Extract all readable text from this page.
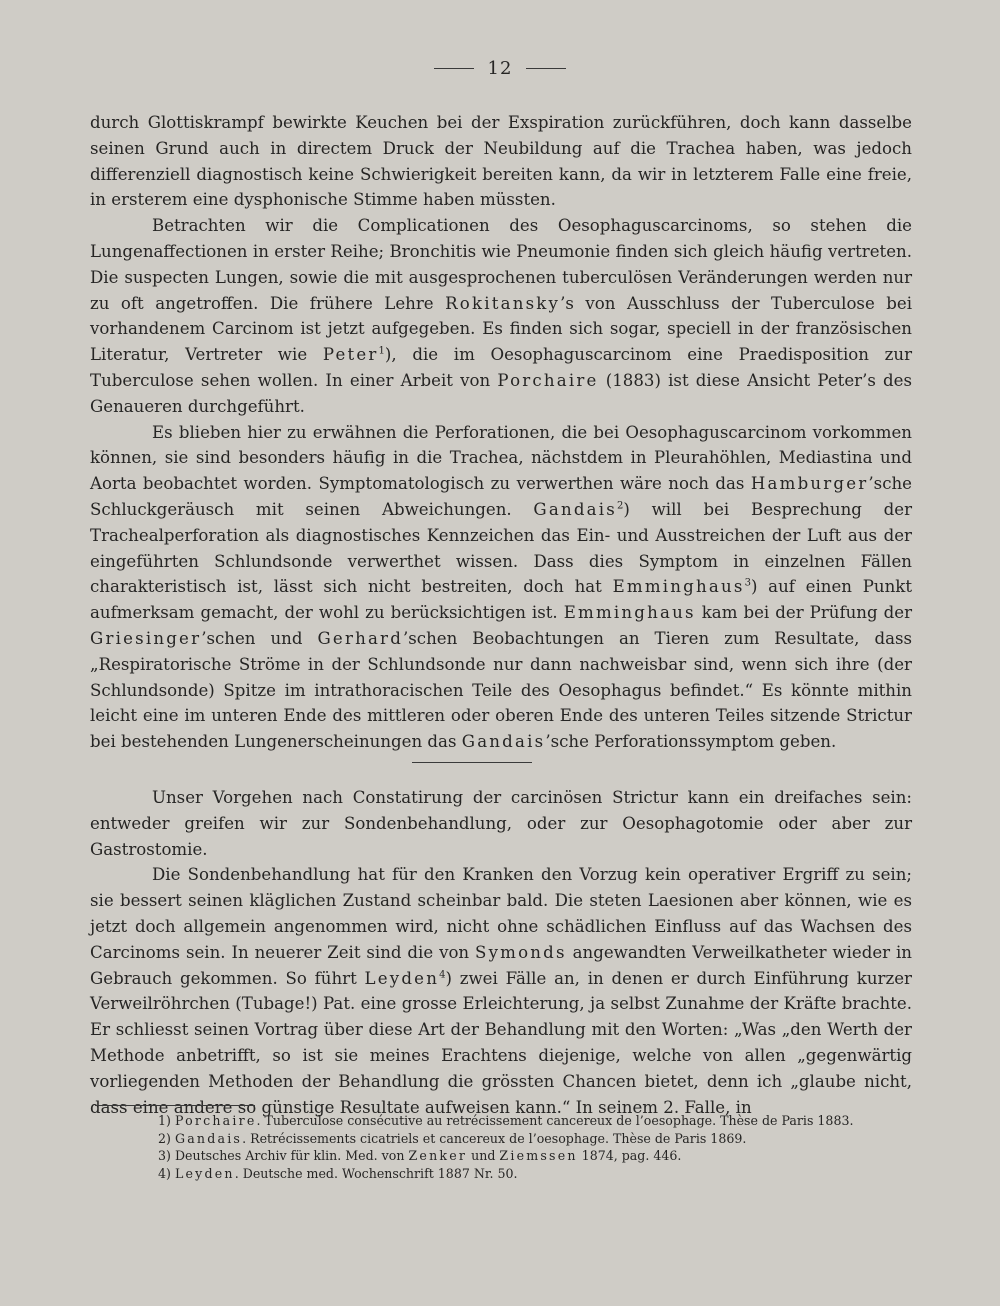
12

durch Glottiskrampf bewirkte Keuchen bei der Exspiration zurückführen, doch kann dasselbe seinen Grund auch in directem Druck der Neubildung auf die Trachea haben, was jedoch differenziell diagnostisch keine Schwierigkeit bereiten kann, da wir in letzterem Falle eine freie, in ersterem eine dysphonische Stimme haben müssten.

Betrachten wir die Complicationen des Oesophaguscarcinoms, so stehen die Lungenaffectionen in erster Reihe; Bronchitis wie Pneumonie finden sich gleich häufig vertreten. Die suspecten Lungen, sowie die mit ausgesprochenen tuberculösen Veränderungen werden nur zu oft angetroffen. Die frühere Lehre Rokitansky’s von Ausschluss der Tuberculose bei vorhandenem Carcinom ist jetzt aufgegeben. Es finden sich sogar, speciell in der französischen Literatur, Vertreter wie Peter$^1$), die im Oesophaguscarcinom eine Praedisposition zur Tuberculose sehen wollen. In einer Arbeit von Porchaire (1883) ist diese Ansicht Peter’s des Genaueren durchgeführt.

Es blieben hier zu erwähnen die Perforationen, die bei Oesophaguscarcinom vorkommen können, sie sind besonders häufig in die Trachea, nächstdem in Pleurahöhlen, Mediastina und Aorta beobachtet worden. Symptomatologisch zu verwerthen wäre noch das Hamburger’sche Schluckgeräusch mit seinen Abweichungen. Gandais$^2$) will bei Besprechung der Trachealperforation als diagnostisches Kennzeichen das Ein- und Ausstreichen der Luft aus der eingeführten Schlundsonde verwerthet wissen. Dass dies Symptom in einzelnen Fällen charakteristisch ist, lässt sich nicht bestreiten, doch hat Emminghaus$^3$) auf einen Punkt aufmerksam gemacht, der wohl zu berücksichtigen ist. Emminghaus kam bei der Prüfung der Griesinger’schen und Gerhard’schen Beobachtungen an Tieren zum Resultate, dass „Respiratorische Ströme in der Schlundsonde nur dann nachweisbar sind, wenn sich ihre (der Schlundsonde) Spitze im intrathoracischen Teile des Oesophagus befindet.“ Es könnte mithin leicht eine im unteren Ende des mittleren oder oberen Ende des unteren Teiles sitzende Strictur bei bestehenden Lungenerscheinungen das Gandais’sche Perforationssymptom geben.

Unser Vorgehen nach Constatirung der carcinösen Strictur kann ein dreifaches sein: entweder greifen wir zur Sondenbehandlung, oder zur Oesophagotomie oder aber zur Gastrostomie.

Die Sondenbehandlung hat für den Kranken den Vorzug kein operativer Ergriff zu sein; sie bessert seinen kläglichen Zustand scheinbar bald. Die steten Laesionen aber können, wie es jetzt doch allgemein angenommen wird, nicht ohne schädlichen Einfluss auf das Wachsen des Carcinoms sein. In neuerer Zeit sind die von Symonds angewandten Verweilkatheter wieder in Gebrauch gekommen. So führt Leyden$^4$) zwei Fälle an, in denen er durch Einführung kurzer Verweilröhrchen (Tubage!) Pat. eine grosse Erleichterung, ja selbst Zunahme der Kräfte brachte. Er schliesst seinen Vortrag über diese Art der Behandlung mit den Worten: „Was „den Werth der Methode anbetrifft, so ist sie meines Erachtens diejenige, welche von allen „gegenwärtig vorliegenden Methoden der Behandlung die grössten Chancen bietet, denn ich „glaube nicht, dass eine andere so günstige Resultate aufweisen kann.“ In seinem 2. Falle, in

1) Porchaire. Tuberculose consécutive au retrécissement cancereux de l’oesophage. Thèse de Paris 1883.

2) Gandais. Retrécissements cicatriels et cancereux de l’oesophage. Thèse de Paris 1869.

3) Deutsches Archiv für klin. Med. von Zenker und Ziemssen 1874, pag. 446.

4) Leyden. Deutsche med. Wochenschrift 1887 Nr. 50.
